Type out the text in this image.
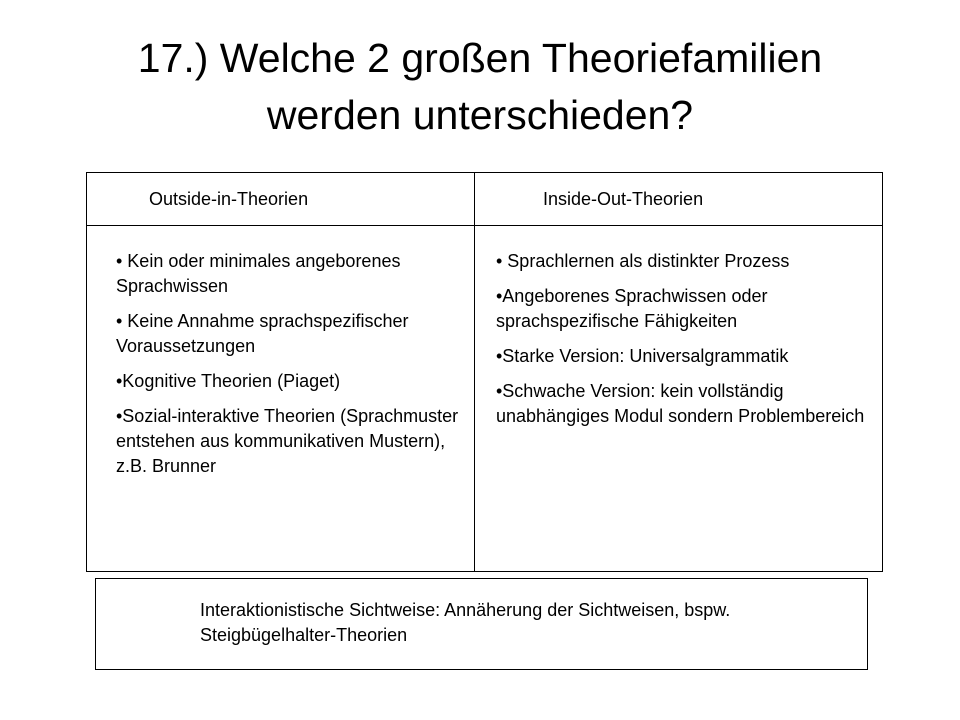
17.) Welche 2 großen Theoriefamilien
werden unterschieden?
Outside-in-Theorien	Inside-Out-Theorien

• Kein oder minimales angeborenes Sprachwissen

• Keine Annahme sprachspezifischer Voraussetzungen

•Kognitive Theorien (Piaget)

•Sozial-interaktive Theorien (Sprachmuster entstehen aus kommunikativen Mustern), z.B. Brunner

• Sprachlernen als distinkter Prozess

•Angeborenes Sprachwissen oder sprachspezifische Fähigkeiten

•Starke Version: Universalgrammatik

•Schwache Version: kein vollständig unabhängiges Modul sondern Problembereich

Interaktionistische Sichtweise: Annäherung der Sichtweisen, bspw. Steigbügelhalter-Theorien
